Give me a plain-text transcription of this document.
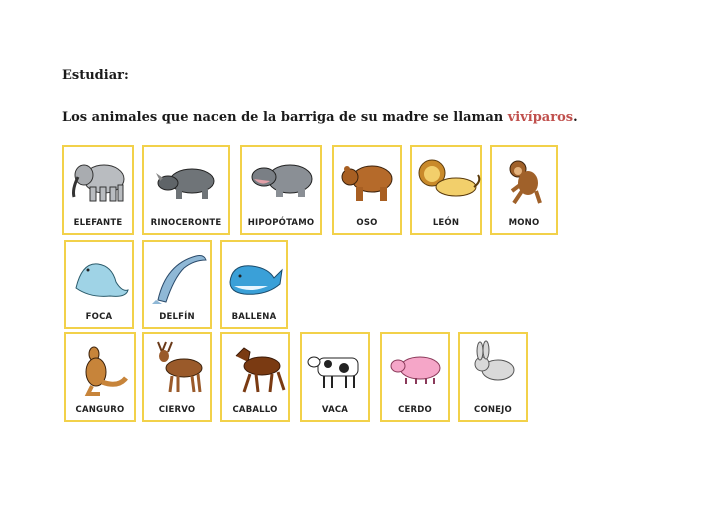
Estudiar:
Los animales que nacen de la barriga de su madre se llaman vivíparos.
ELEFANTE	RINOCERONTE	HIPOPÓTAMO	OSO	LEÓN	MONO
FOCA	DELFÍN	BALLENA
CANGURO	CIERVO	CABALLO	VACA	CERDO	CONEJO
